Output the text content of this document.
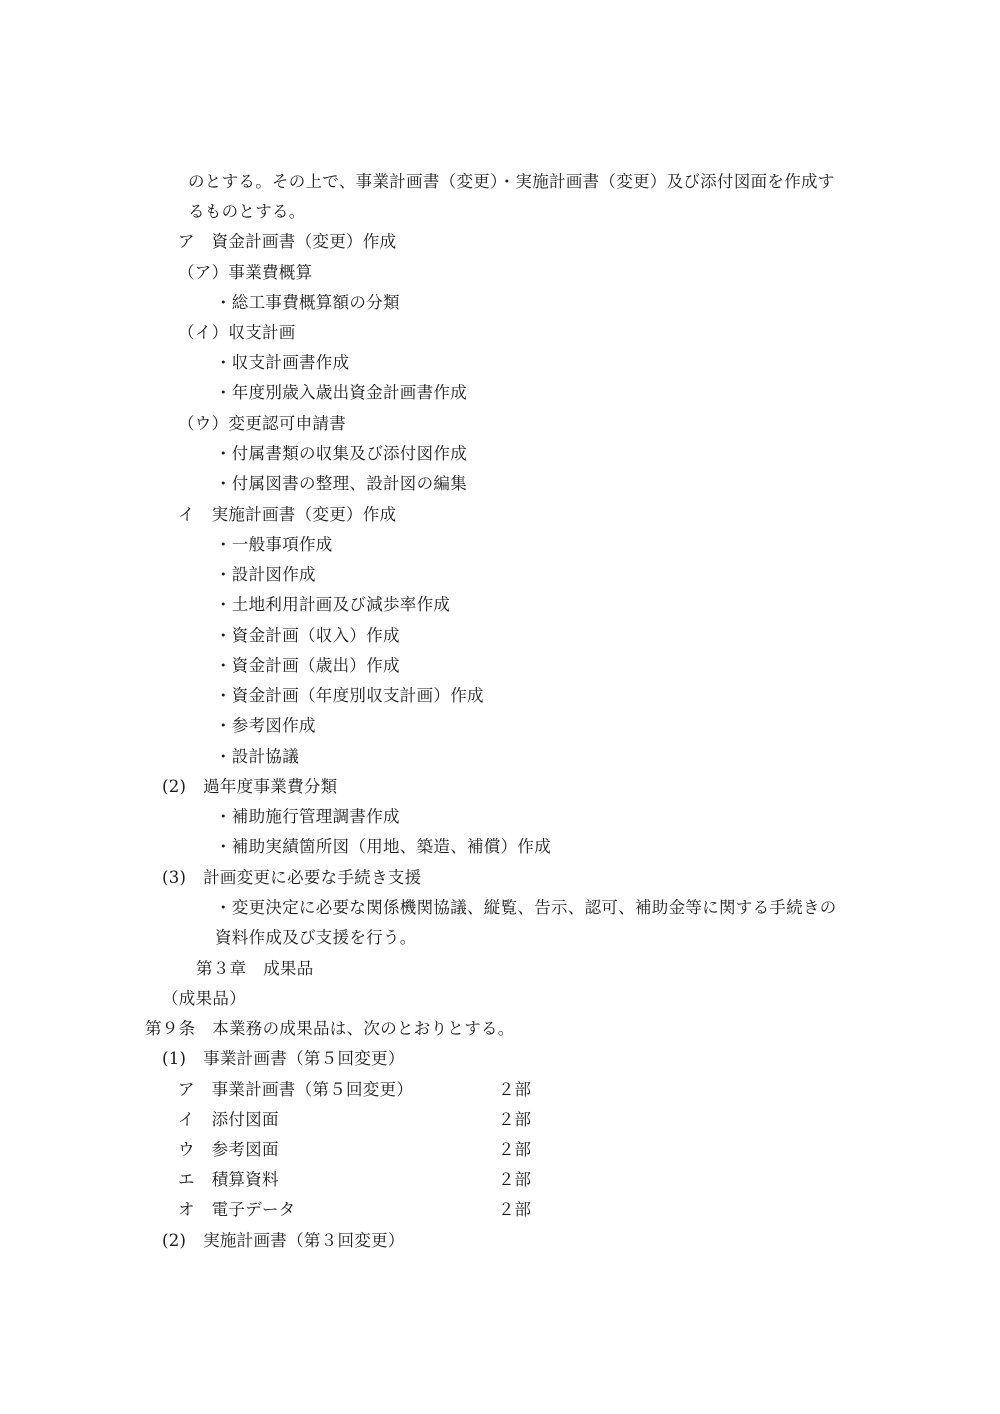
のとする。その上で、事業計画書（変更）・実施計画書（変更）及び添付図面を作成す
るものとする。
ア　資金計画書（変更）作成
（ア）事業費概算
・総工事費概算額の分類
（イ）収支計画
・収支計画書作成
・年度別歳入歳出資金計画書作成
（ウ）変更認可申請書
・付属書類の収集及び添付図作成
・付属図書の整理、設計図の編集
イ　実施計画書（変更）作成
・一般事項作成
・設計図作成
・土地利用計画及び減歩率作成
・資金計画（収入）作成
・資金計画（歳出）作成
・資金計画（年度別収支計画）作成
・参考図作成
・設計協議
(2)　過年度事業費分類
・補助施行管理調書作成
・補助実績箇所図（用地、築造、補償）作成
(3)　計画変更に必要な手続き支援
・変更決定に必要な関係機関協議、縦覧、告示、認可、補助金等に関する手続きの
資料作成及び支援を行う。
第３章　成果品
（成果品）
第９条　本業務の成果品は、次のとおりとする。
(1)　事業計画書（第５回変更）
ア　事業計画書（第５回変更）	２部
イ　添付図面	２部
ウ　参考図面	２部
エ　積算資料	２部
オ　電子データ	２部
(2)　実施計画書（第３回変更）
